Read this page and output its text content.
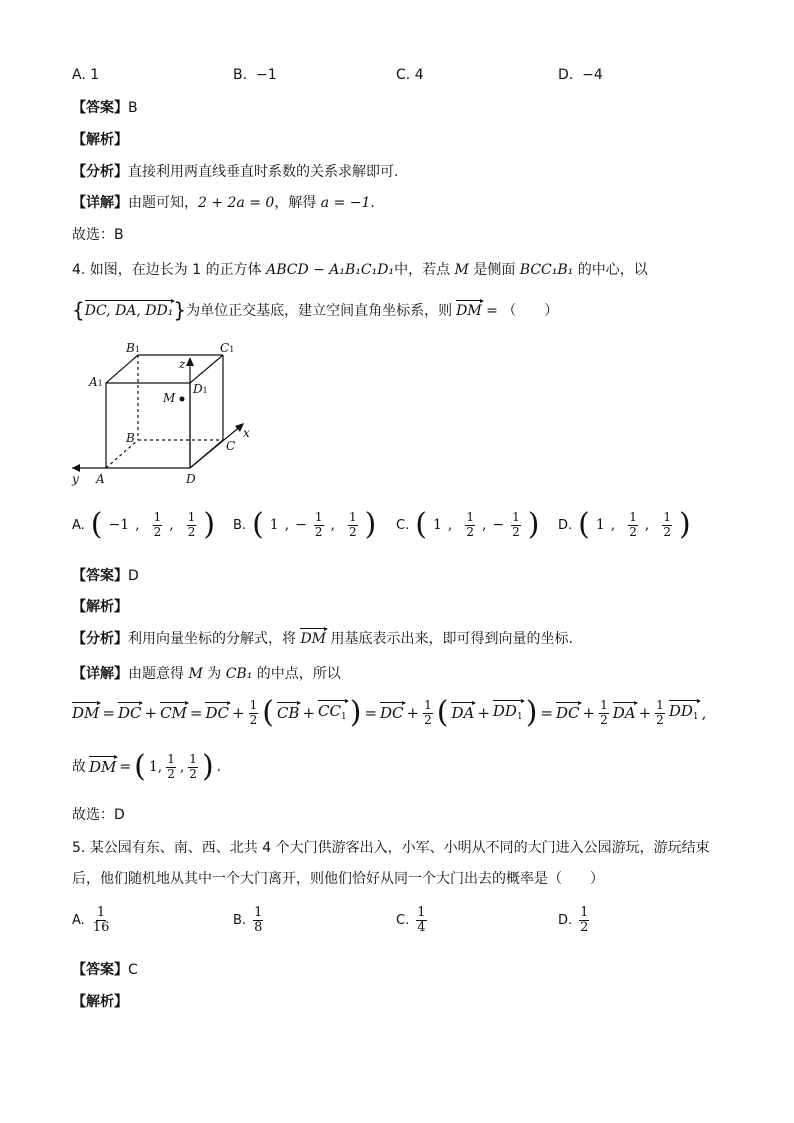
A. 1	B. −1	C. 4	D. −4
【答案】B
【解析】
【分析】直接利用两直线垂直时系数的关系求解即可.
【详解】由题可知，2 + 2a = 0，解得 a = −1.
故选：B
4. 如图，在边长为 1 的正方体 ABCD − A₁B₁C₁D₁中，若点 M 是侧面 BCC₁B₁ 的中心，以
{DC, DA, DD₁}为单位正交基底，建立空间直角坐标系，则 DM = （　　）
B1	C1
A1	D1
z
M
B
C
x
y A	D
A. ( −1 , $\frac{1}{2}$ , $\frac{1}{2}$ ) B. ( 1 , − $\frac{1}{2}$ , $\frac{1}{2}$ ) C. ( 1 , $\frac{1}{2}$ , − $\frac{1}{2}$ ) D. ( 1 , $\frac{1}{2}$ , $\frac{1}{2}$ )
【答案】D
【解析】
【分析】利用向量坐标的分解式，将 DM 用基底表示出来，即可得到向量的坐标.
【详解】由题意得 M 为 CB₁ 的中点，所以
DM = DC + CM = DC + $\frac{1}{2}$ ( CB + $CC_1$ ) = DC + $\frac{1}{2}$ ( DA + $DD_1$ ) = DC + $\frac{1}{2}$ DA + $\frac{1}{2} DD_1$ ,
故 DM = ( 1, $\frac{1}{2}$ , $\frac{1}{2}$ ) .
故选：D
5. 某公园有东、南、西、北共 4 个大门供游客出入，小军、小明从不同的大门进入公园游玩，游玩结束
后，他们随机地从其中一个大门离开，则他们恰好从同一个大门出去的概率是（　　）
A. $\frac{1}{16}$	B. $\frac{1}{8}$	C. $\frac{1}{4}$	D. $\frac{1}{2}$
【答案】C
【解析】
